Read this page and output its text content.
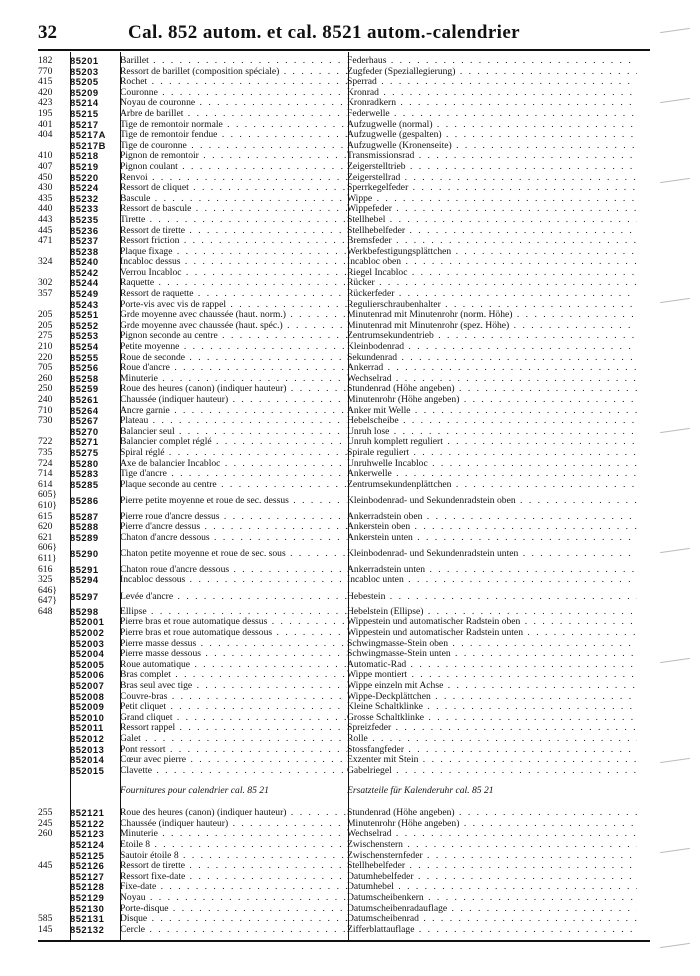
32	Cal. 852 autom. et cal. 8521 autom.-calendrier
182	85201	Barillet . . .	Federhaus . . .
770	85203	Ressort de barillet (composition spéciale) . . .	Zugfeder (Speziallegierung) . . .
415	85205	Rochet . . .	Sperrad . . .
420	85209	Couronne . . .	Kronrad . . .
423	85214	Noyau de couronne . . .	Kronradkern . . .
195	85215	Arbre de barillet . . .	Federwelle . . .
401	85217	Tige de remontoir normale . . .	Aufzugwelle (normal) . . .
404	85217A	Tige de remontoir fendue . . .	Aufzugwelle (gespalten) . . .
85217B	Tige de couronne . . .	Aufzugwelle (Kronenseite) . . .
410	85218	Pignon de remontoir . . .	Transmissionsrad . . .
407	85219	Pignon coulant . . .	Zeigerstelltrieb . . .
450	85220	Renvoi . . .	Zeigerstellrad . . .
430	85224	Ressort de cliquet . . .	Sperrkegelfeder . . .
435	85232	Bascule . . .	Wippe . . .
440	85233	Ressort de bascule . . .	Wippefeder . . .
443	85235	Tirette . . .	Stellhebel . . .
445	85236	Ressort de tirette . . .	Stellhebelfeder . . .
471	85237	Ressort friction . . .	Bremsfeder . . .
85238	Plaque fixage . . .	Werkbefestigungsplättchen . . .
324	85240	Incabloc dessus . . .	Incabloc oben . . .
85242	Verrou Incabloc . . .	Riegel Incabloc . . .
302	85244	Raquette . . .	Rücker . . .
357	85249	Ressort de raquette . . .	Rückerfeder . . .
85243	Porte-vis avec vis de rappel . . .	Regulierschraubenhalter . . .
205	85251	Grde moyenne avec chaussée (haut. norm.) . . .	Minutenrad mit Minutenrohr (norm. Höhe) . . .
205	85252	Grde moyenne avec chaussée (haut. spéc.) . . .	Minutenrad mit Minutenrohr (spez. Höhe) . . .
275	85253	Pignon seconde au centre . . .	Zentrumsekundentrieb . . .
210	85254	Petite moyenne . . .	Kleinbodenrad . . .
220	85255	Roue de seconde . . .	Sekundenrad . . .
705	85256	Roue d'ancre . . .	Ankerrad . . .
260	85258	Minuterie . . .	Wechselrad . . .
250	85259	Roue des heures (canon) (indiquer hauteur) . . .	Stundenrad (Höhe angeben) . . .
240	85261	Chaussée (indiquer hauteur) . . .	Minutenrohr (Höhe angeben) . . .
710	85264	Ancre garnie . . .	Anker mit Welle . . .
730	85267	Plateau . . .	Hebelscheibe . . .
85270	Balancier seul . . .	Unruh lose . . .
722	85271	Balancier complet réglé . . .	Unruh komplett reguliert . . .
735	85275	Spiral réglé . . .	Spirale reguliert . . .
724	85280	Axe de balancier Incabloc . . .	Unruhwelle Incabloc . . .
714	85283	Tige d'ancre . . .	Ankerwelle . . .
614	85285	Plaque seconde au centre . . .	Zentrumsekundenplättchen . . .
605}
610}	85286	Pierre petite moyenne et roue de sec. dessus . . .	Kleinbodenrad- und Sekundenradstein oben . . .
615	85287	Pierre roue d'ancre dessus . . .	Ankerradstein oben . . .
620	85288	Pierre d'ancre dessus . . .	Ankerstein oben . . .
621	85289	Chaton d'ancre dessous . . .	Ankerstein unten . . .
606}
611}	85290	Chaton petite moyenne et roue de sec. sous . . .	Kleinbodenrad- und Sekundenradstein unten . . .
616	85291	Chaton roue d'ancre dessous . . .	Ankerradstein unten . . .
325	85294	Incabloc dessous . . .	Incabloc unten . . .
646}
647}	85297	Levée d'ancre . . .	Hebestein . . .
648	85298	Ellipse . . .	Hebelstein (Ellipse) . . .
852001	Pierre bras et roue automatique dessus . . .	Wippestein und automatischer Radstein oben . . .
852002	Pierre bras et roue automatique dessous . . .	Wippestein und automatischer Radstein unten . . .
852003	Pierre masse dessus . . .	Schwingmasse-Stein oben . . .
852004	Pierre masse dessous . . .	Schwingmasse-Stein unten . . .
852005	Roue automatique . . .	Automatic-Rad . . .
852006	Bras complet . . .	Wippe montiert . . .
852007	Bras seul avec tige . . .	Wippe einzeln mit Achse . . .
852008	Couvre-bras . . .	Wippe-Deckplättchen . . .
852009	Petit cliquet . . .	Kleine Schaltklinke . . .
852010	Grand cliquet . . .	Grosse Schaltklinke . . .
852011	Ressort rappel . . .	Spreizfeder . . .
852012	Galet . . .	Rolle . . .
852013	Pont ressort . . .	Stossfangfeder . . .
852014	Cœur avec pierre . . .	Exzenter mit Stein . . .
852015	Clavette . . .	Gabelriegel . . .
Fournitures pour calendrier cal. 85 21	Ersatzteile für Kalenderuhr cal. 85 21
255	852121	Roue des heures (canon) (indiquer hauteur) . . .	Stundenrad (Höhe angeben) . . .
245	852122	Chaussée (indiquer hauteur) . . .	Minutenrohr (Höhe angeben) . . .
260	852123	Minuterie . . .	Wechselrad . . .
852124	Etoile 8 . . .	Zwischenstern . . .
852125	Sautoir étoile 8 . . .	Zwischensternfeder . . .
445	852126	Ressort de tirette . . .	Stellhebelfeder . . .
852127	Ressort fixe-date . . .	Datumhebelfeder . . .
852128	Fixe-date . . .	Datumhebel . . .
852129	Noyau . . .	Datumscheibenkern . . .
852130	Porte-disque . . .	Datumscheibenradauflage . . .
585	852131	Disque . . .	Datumscheibenrad . . .
145	852132	Cercle . . .	Zifferblattauflage . . .
